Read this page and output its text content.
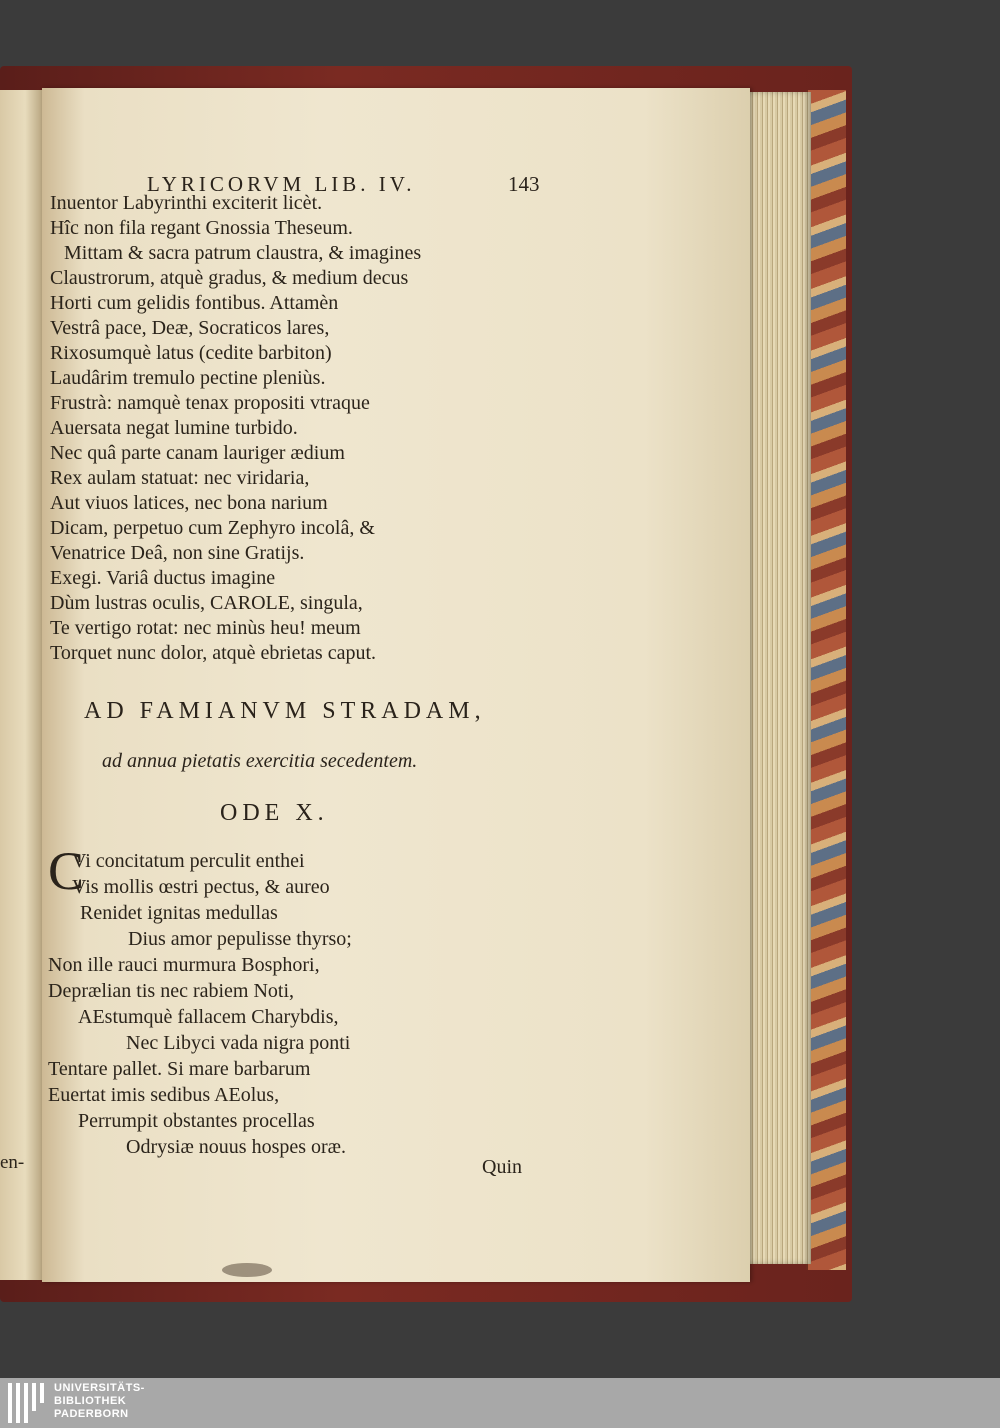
en-
LYRICORVM LIB. IV.	143
Inuentor Labyrinthi exciterit licèt.
Hîc non fila regant Gnossia Theseum.
Mittam & sacra patrum claustra, & imagines
Claustrorum, atquè gradus, & medium decus
Horti cum gelidis fontibus. Attamèn
Vestrâ pace, Deæ, Socraticos lares,
Rixosumquè latus (cedite barbiton)
Laudârim tremulo pectine pleniùs.
Frustrà: namquè tenax propositi vtraque
Auersata negat lumine turbido.
Nec quâ parte canam lauriger ædium
Rex aulam statuat: nec viridaria,
Aut viuos latices, nec bona narium
Dicam, perpetuo cum Zephyro incolâ, &
Venatrice Deâ, non sine Gratijs.
Exegi. Variâ ductus imagine
Dùm lustras oculis, CAROLE, singula,
Te vertigo rotat: nec minùs heu! meum
Torquet nunc dolor, atquè ebrietas caput.
AD FAMIANVM STRADAM,
ad annua pietatis exercitia secedentem.
ODE X.
C
Vi concitatum perculit enthei
Vis mollis œstri pectus, & aureo
Renidet ignitas medullas
Dius amor pepulisse thyrso;
Non ille rauci murmura Bosphori,
Deprælian tis nec rabiem Noti,
AEstumquè fallacem Charybdis,
Nec Libyci vada nigra ponti
Tentare pallet. Si mare barbarum
Euertat imis sedibus AEolus,
Perrumpit obstantes procellas
Odrysiæ nouus hospes oræ.
Quin
UNIVERSITÄTS-
BIBLIOTHEK
PADERBORN
